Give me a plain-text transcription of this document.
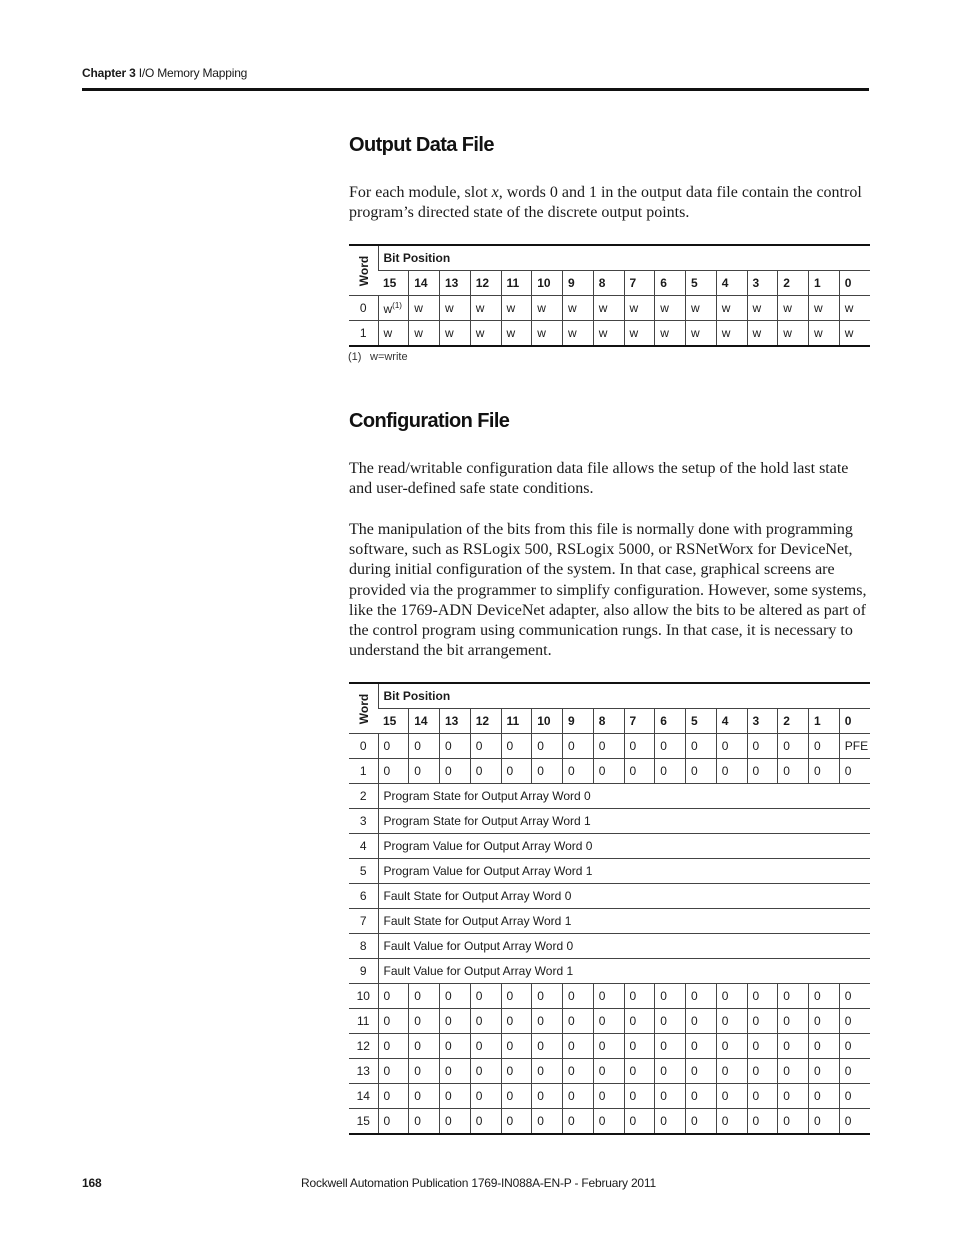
Chapter 3 I/O Memory Mapping
Output Data File

For each module, slot x, words 0 and 1 in the output data file contain the control program’s directed state of the discrete output points.

Word	Bit Position															
	15	14	13	12	11	10	9	8	7	6	5	4	3	2	1	0
0	w$^{(1)}$	w	w	w	w	w	w	w	w	w	w	w	w	w	w	w
1	w	w	w	w	w	w	w	w	w	w	w	w	w	w	w	w
(1) w=write
Configuration File

The read/writable configuration data file allows the setup of the hold last state and user-defined safe state conditions.

The manipulation of the bits from this file is normally done with programming software, such as RSLogix 500, RSLogix 5000, or RSNetWorx for DeviceNet, during initial configuration of the system. In that case, graphical screens are provided via the programmer to simplify configuration. However, some systems, like the 1769-ADN DeviceNet adapter, also allow the bits to be altered as part of the control program using communication rungs. In that case, it is necessary to understand the bit arrangement.

Word	Bit Position															
	15	14	13	12	11	10	9	8	7	6	5	4	3	2	1	0
0	0	0	0	0	0	0	0	0	0	0	0	0	0	0	0	PFE
1	0	0	0	0	0	0	0	0	0	0	0	0	0	0	0	0
2	Program State for Output Array Word 0															
3	Program State for Output Array Word 1															
4	Program Value for Output Array Word 0															
5	Program Value for Output Array Word 1															
6	Fault State for Output Array Word 0															
7	Fault State for Output Array Word 1															
8	Fault Value for Output Array Word 0															
9	Fault Value for Output Array Word 1															
10	0	0	0	0	0	0	0	0	0	0	0	0	0	0	0	0
11	0	0	0	0	0	0	0	0	0	0	0	0	0	0	0	0
12	0	0	0	0	0	0	0	0	0	0	0	0	0	0	0	0
13	0	0	0	0	0	0	0	0	0	0	0	0	0	0	0	0
14	0	0	0	0	0	0	0	0	0	0	0	0	0	0	0	0
15	0	0	0	0	0	0	0	0	0	0	0	0	0	0	0	0
168	Rockwell Automation Publication 1769-IN088A-EN-P - February 2011
